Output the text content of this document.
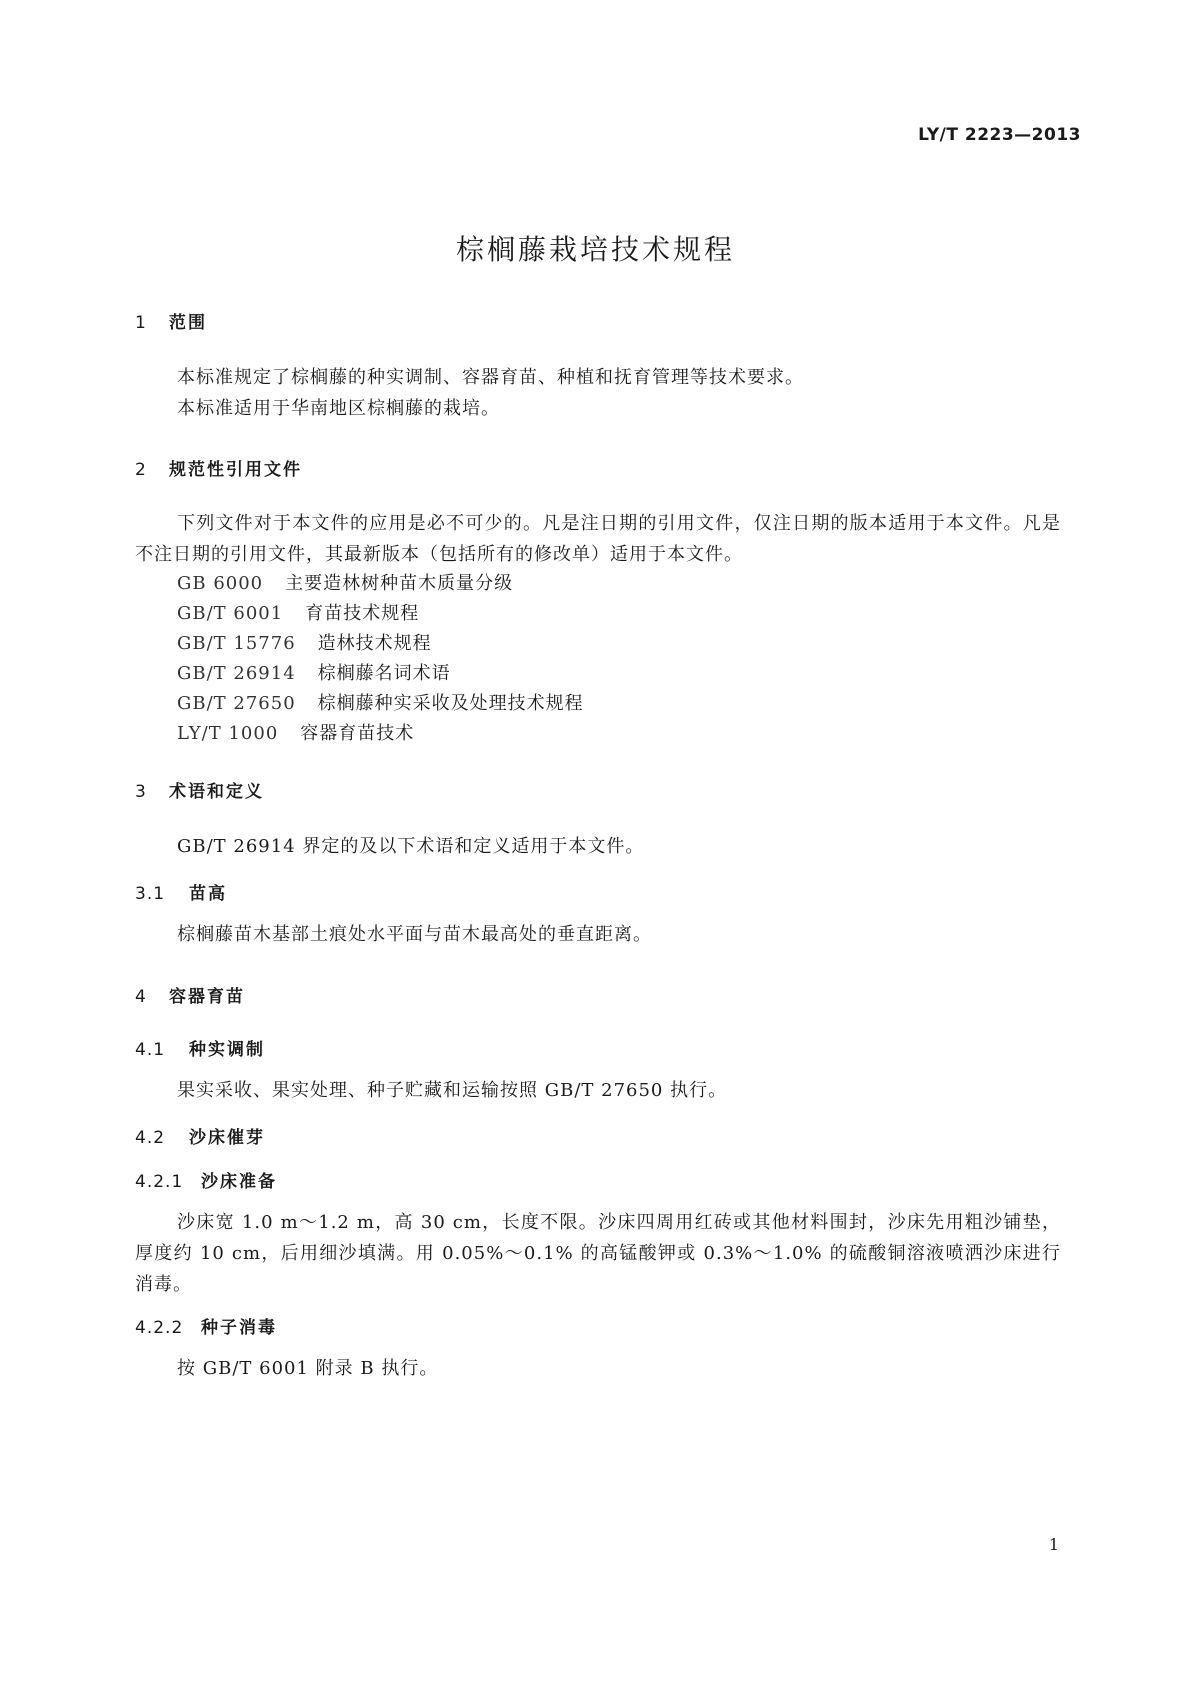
LY/T 2223—2013
棕榈藤栽培技术规程
1 范围
本标准规定了棕榈藤的种实调制、容器育苗、种植和抚育管理等技术要求。
本标准适用于华南地区棕榈藤的栽培。
2 规范性引用文件
下列文件对于本文件的应用是必不可少的。凡是注日期的引用文件，仅注日期的版本适用于本文件。凡是不注日期的引用文件，其最新版本（包括所有的修改单）适用于本文件。
GB 6000 主要造林树种苗木质量分级
GB/T 6001 育苗技术规程
GB/T 15776 造林技术规程
GB/T 26914 棕榈藤名词术语
GB/T 27650 棕榈藤种实采收及处理技术规程
LY/T 1000 容器育苗技术
3 术语和定义
GB/T 26914 界定的及以下术语和定义适用于本文件。
3.1 苗高
棕榈藤苗木基部土痕处水平面与苗木最高处的垂直距离。
4 容器育苗
4.1 种实调制
果实采收、果实处理、种子贮藏和运输按照 GB/T 27650 执行。
4.2 沙床催芽
4.2.1 沙床准备
沙床宽 1.0 m～1.2 m，高 30 cm，长度不限。沙床四周用红砖或其他材料围封，沙床先用粗沙铺垫，厚度约 10 cm，后用细沙填满。用 0.05%～0.1% 的高锰酸钾或 0.3%～1.0% 的硫酸铜溶液喷洒沙床进行消毒。
4.2.2 种子消毒
按 GB/T 6001 附录 B 执行。
1
